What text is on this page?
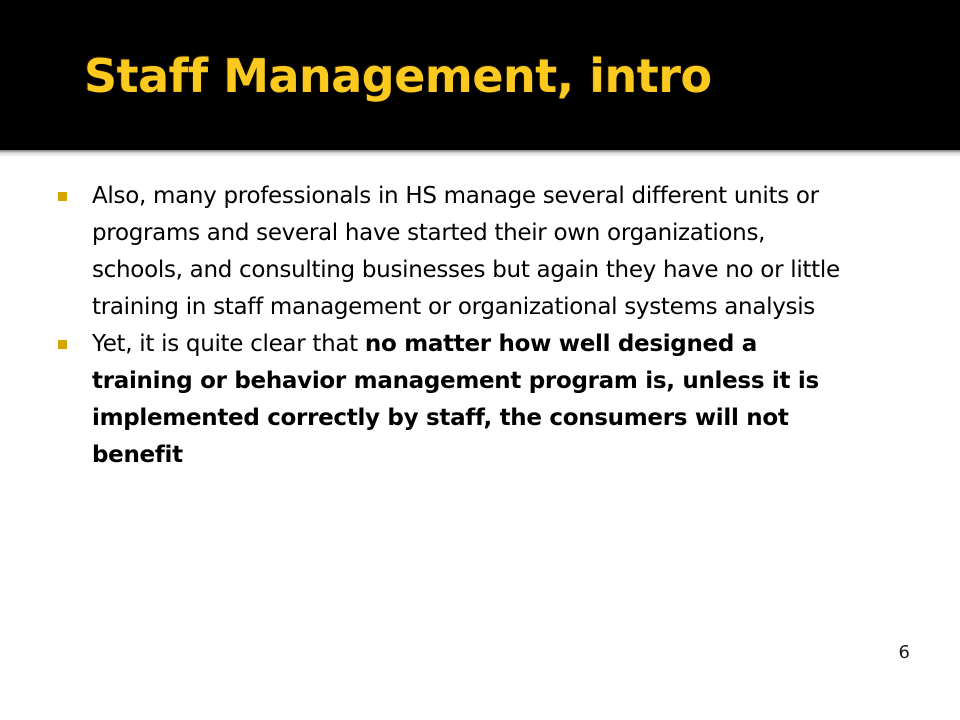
Staff Management, intro
Also, many professionals in HS manage several different units or programs and several have started their own organizations, schools, and consulting businesses but again they have no or little training in staff management or organizational systems analysis
Yet, it is quite clear that no matter how well designed a training or behavior management program is, unless it is implemented correctly by staff, the consumers will not benefit
6
